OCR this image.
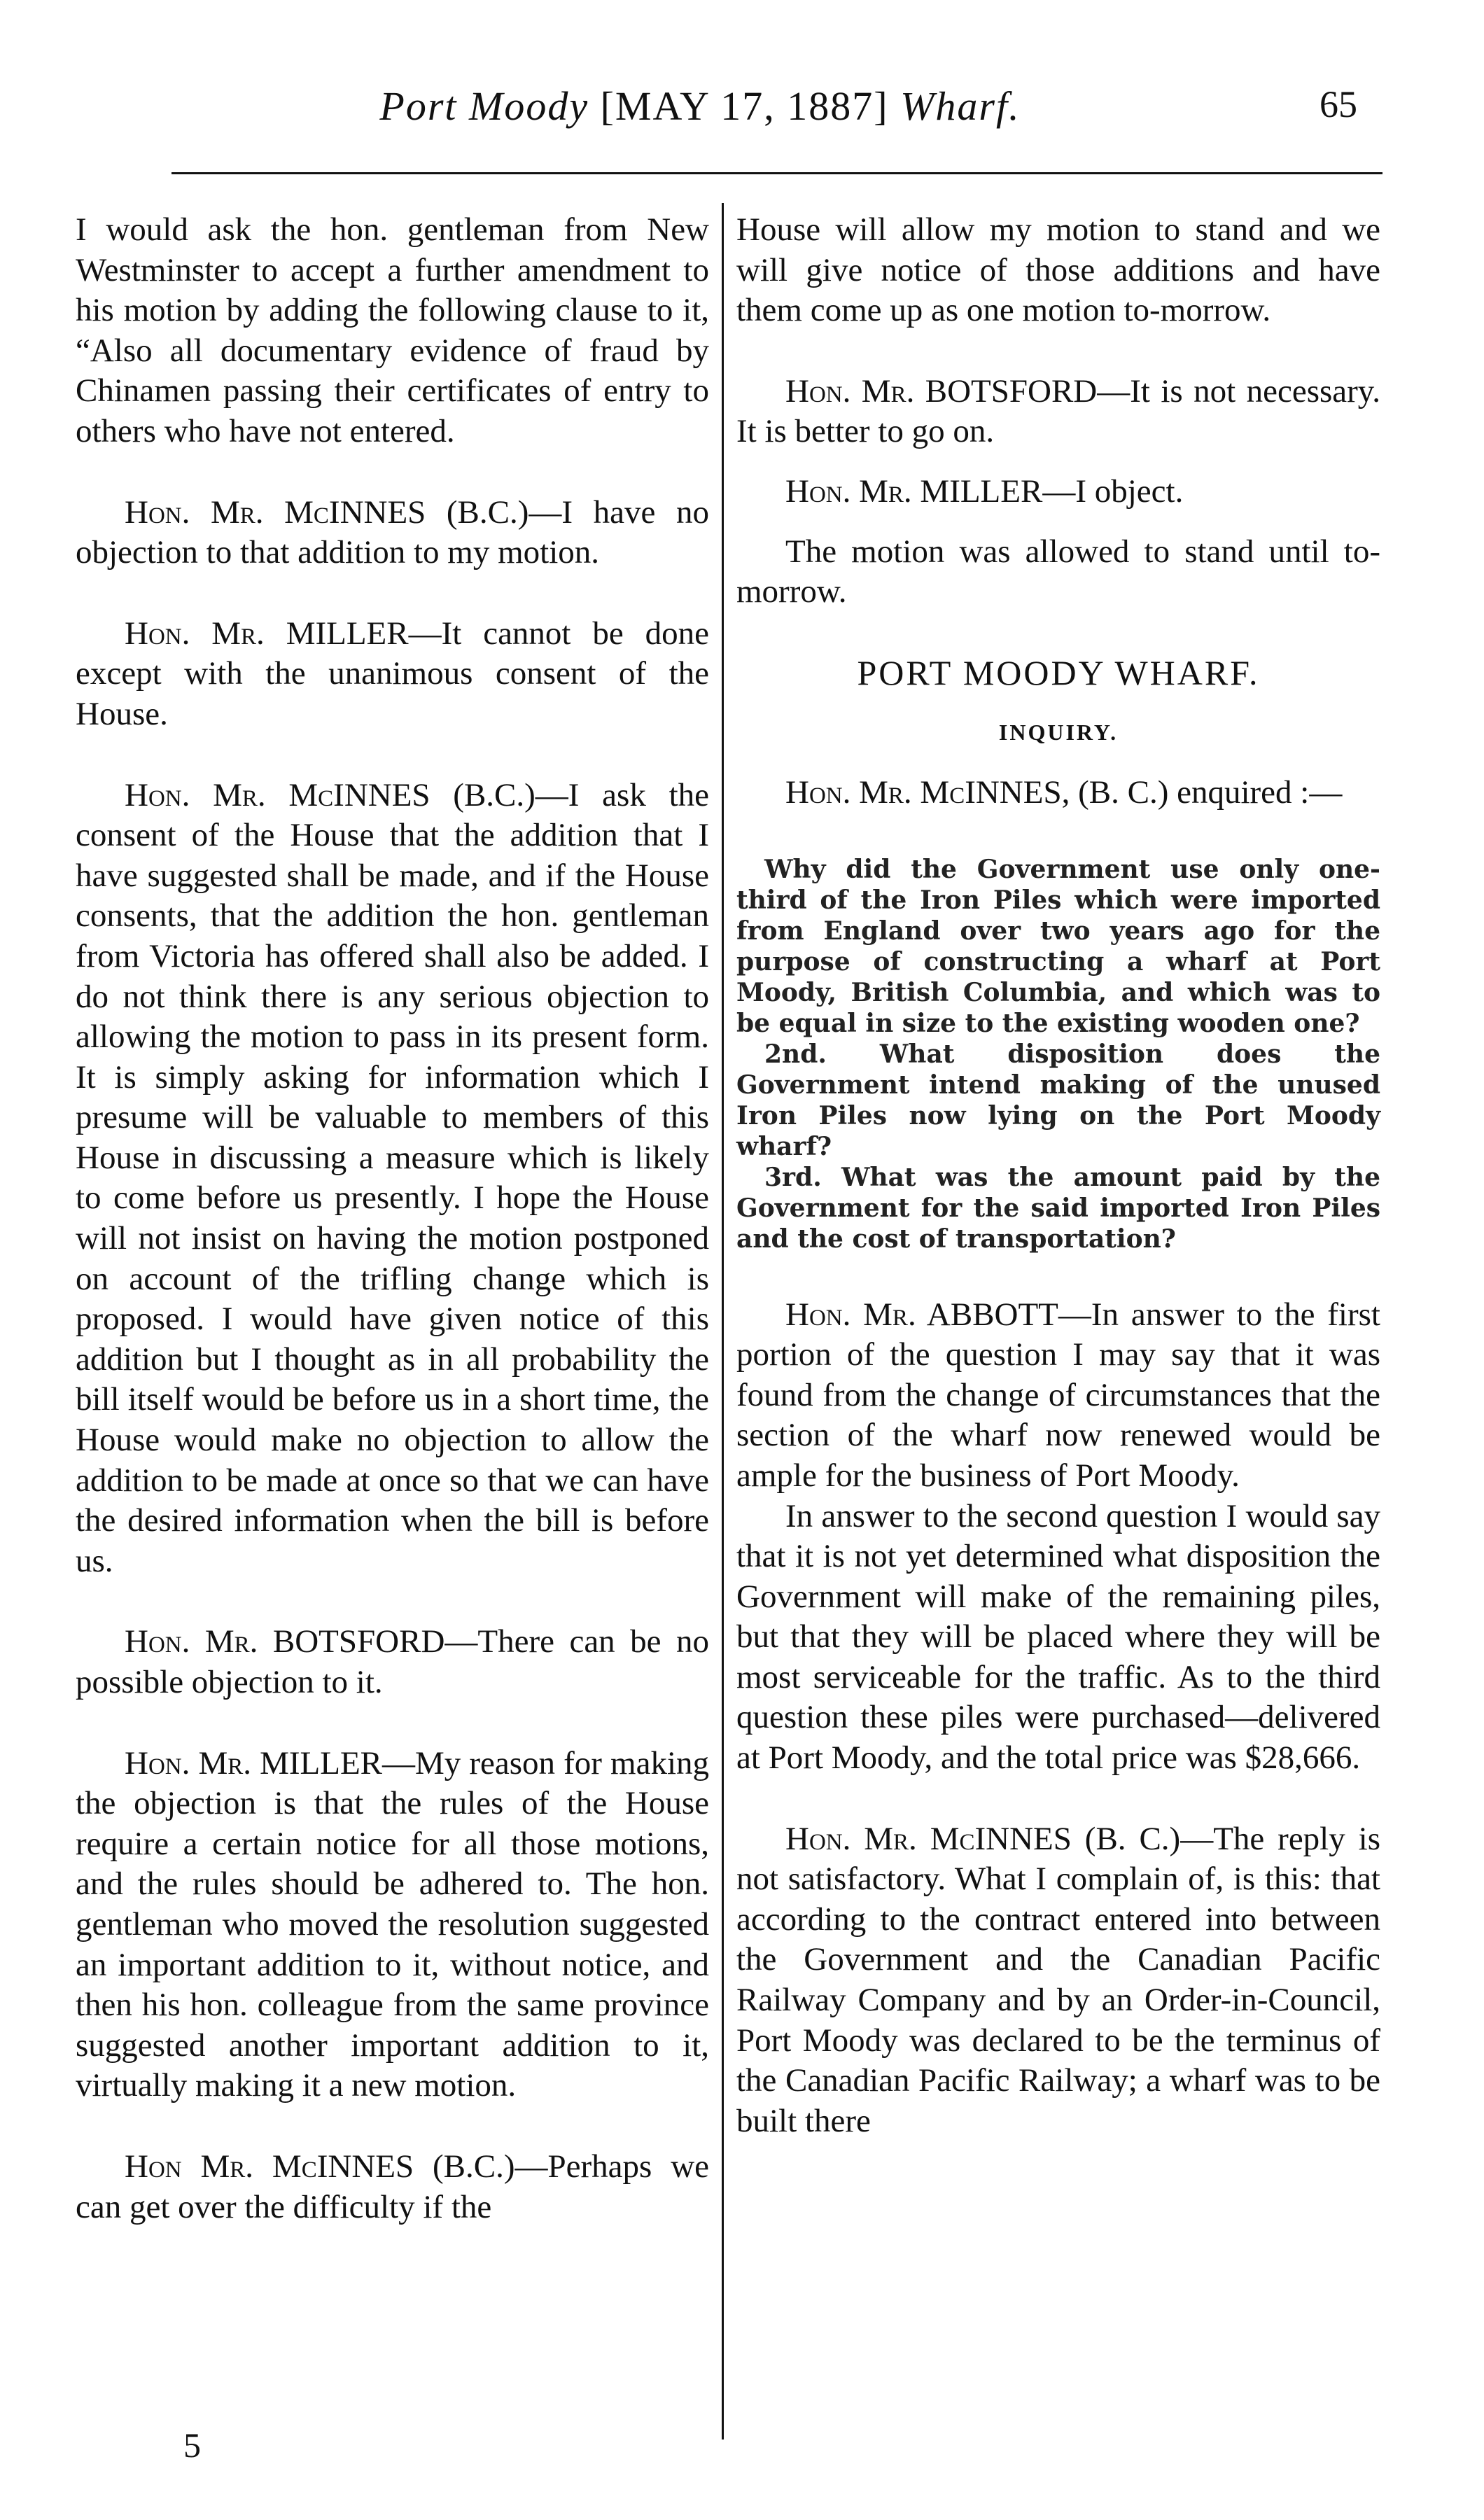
Port Moody [MAY 17, 1887] Wharf.	65

I would ask the hon. gentleman from New Westminster to accept a further amendment to his motion by adding the following clause to it, “Also all documentary evidence of fraud by Chinamen passing their certificates of entry to others who have not entered.

Hon. Mr. McINNES (B.C.)—I have no objection to that addition to my motion.

Hon. Mr. MILLER—It cannot be done except with the unanimous consent of the House.

Hon. Mr. McINNES (B.C.)—I ask the consent of the House that the addition that I have suggested shall be made, and if the House consents, that the addition the hon. gentleman from Victoria has offered shall also be added. I do not think there is any serious objection to allowing the motion to pass in its present form. It is simply asking for information which I presume will be valuable to members of this House in discussing a measure which is likely to come before us presently. I hope the House will not insist on having the motion postponed on account of the trifling change which is proposed. I would have given notice of this addition but I thought as in all probability the bill itself would be before us in a short time, the House would make no objection to allow the addition to be made at once so that we can have the desired information when the bill is before us.

Hon. Mr. BOTSFORD—There can be no possible objection to it.

Hon. Mr. MILLER—My reason for making the objection is that the rules of the House require a certain notice for all those motions, and the rules should be adhered to. The hon. gentleman who moved the resolution suggested an important addition to it, without notice, and then his hon. colleague from the same province suggested another important addition to it, virtually making it a new motion.

Hon Mr. McINNES (B.C.)—Perhaps we can get over the difficulty if the

House will allow my motion to stand and we will give notice of those additions and have them come up as one motion to-morrow.

Hon. Mr. BOTSFORD—It is not necessary. It is better to go on.

Hon. Mr. MILLER—I object.

The motion was allowed to stand until to-morrow.

PORT MOODY WHARF.

INQUIRY.

Hon. Mr. McINNES, (B. C.) enquired :—

Why did the Government use only one-third of the Iron Piles which were imported from England over two years ago for the purpose of constructing a wharf at Port Moody, British Columbia, and which was to be equal in size to the existing wooden one?

2nd. What disposition does the Government intend making of the unused Iron Piles now lying on the Port Moody wharf?

3rd. What was the amount paid by the Government for the said imported Iron Piles and the cost of transportation?

Hon. Mr. ABBOTT—In answer to the first portion of the question I may say that it was found from the change of circumstances that the section of the wharf now renewed would be ample for the business of Port Moody.

In answer to the second question I would say that it is not yet determined what disposition the Government will make of the remaining piles, but that they will be placed where they will be most serviceable for the traffic. As to the third question these piles were purchased—delivered at Port Moody, and the total price was $28,666.

Hon. Mr. McINNES (B. C.)—The reply is not satisfactory. What I complain of, is this: that according to the contract entered into between the Government and the Canadian Pacific Railway Company and by an Order-in-Council, Port Moody was declared to be the terminus of the Canadian Pacific Railway; a wharf was to be built there

5
